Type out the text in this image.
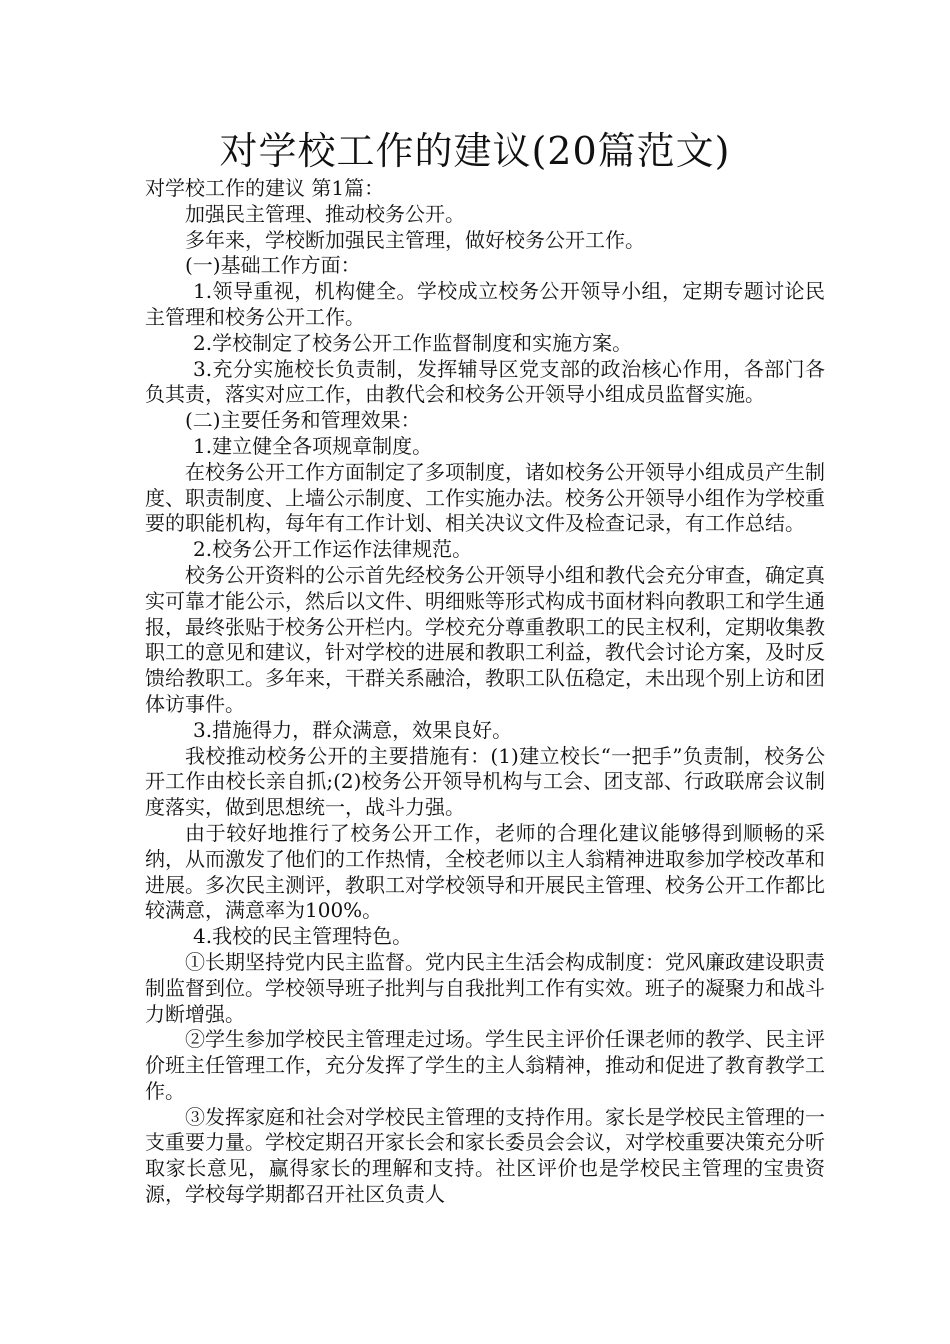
对学校工作的建议(20篇范文)

对学校工作的建议 第1篇：

加强民主管理、推动校务公开。

多年来，学校断加强民主管理，做好校务公开工作。

(一)基础工作方面：

1.领导重视，机构健全。学校成立校务公开领导小组，定期专题讨论民主管理和校务公开工作。

2.学校制定了校务公开工作监督制度和实施方案。

3.充分实施校长负责制，发挥辅导区党支部的政治核心作用，各部门各负其责，落实对应工作，由教代会和校务公开领导小组成员监督实施。

(二)主要任务和管理效果：

1.建立健全各项规章制度。

在校务公开工作方面制定了多项制度，诸如校务公开领导小组成员产生制度、职责制度、上墙公示制度、工作实施办法。校务公开领导小组作为学校重要的职能机构，每年有工作计划、相关决议文件及检查记录，有工作总结。

2.校务公开工作运作法律规范。

校务公开资料的公示首先经校务公开领导小组和教代会充分审查，确定真实可靠才能公示，然后以文件、明细账等形式构成书面材料向教职工和学生通报，最终张贴于校务公开栏内。学校充分尊重教职工的民主权利，定期收集教职工的意见和建议，针对学校的进展和教职工利益，教代会讨论方案，及时反馈给教职工。多年来，干群关系融洽，教职工队伍稳定，未出现个别上访和团体访事件。

3.措施得力，群众满意，效果良好。

我校推动校务公开的主要措施有：(1)建立校长“一把手”负责制，校务公开工作由校长亲自抓;(2)校务公开领导机构与工会、团支部、行政联席会议制度落实，做到思想统一，战斗力强。

由于较好地推行了校务公开工作，老师的合理化建议能够得到顺畅的采纳，从而激发了他们的工作热情，全校老师以主人翁精神进取参加学校改革和进展。多次民主测评，教职工对学校领导和开展民主管理、校务公开工作都比较满意，满意率为100%。

4.我校的民主管理特色。

①长期坚持党内民主监督。党内民主生活会构成制度：党风廉政建设职责制监督到位。学校领导班子批判与自我批判工作有实效。班子的凝聚力和战斗力断增强。

②学生参加学校民主管理走过场。学生民主评价任课老师的教学、民主评价班主任管理工作，充分发挥了学生的主人翁精神，推动和促进了教育教学工作。

③发挥家庭和社会对学校民主管理的支持作用。家长是学校民主管理的一支重要力量。学校定期召开家长会和家长委员会会议，对学校重要决策充分听取家长意见，赢得家长的理解和支持。社区评价也是学校民主管理的宝贵资源，学校每学期都召开社区负责人
